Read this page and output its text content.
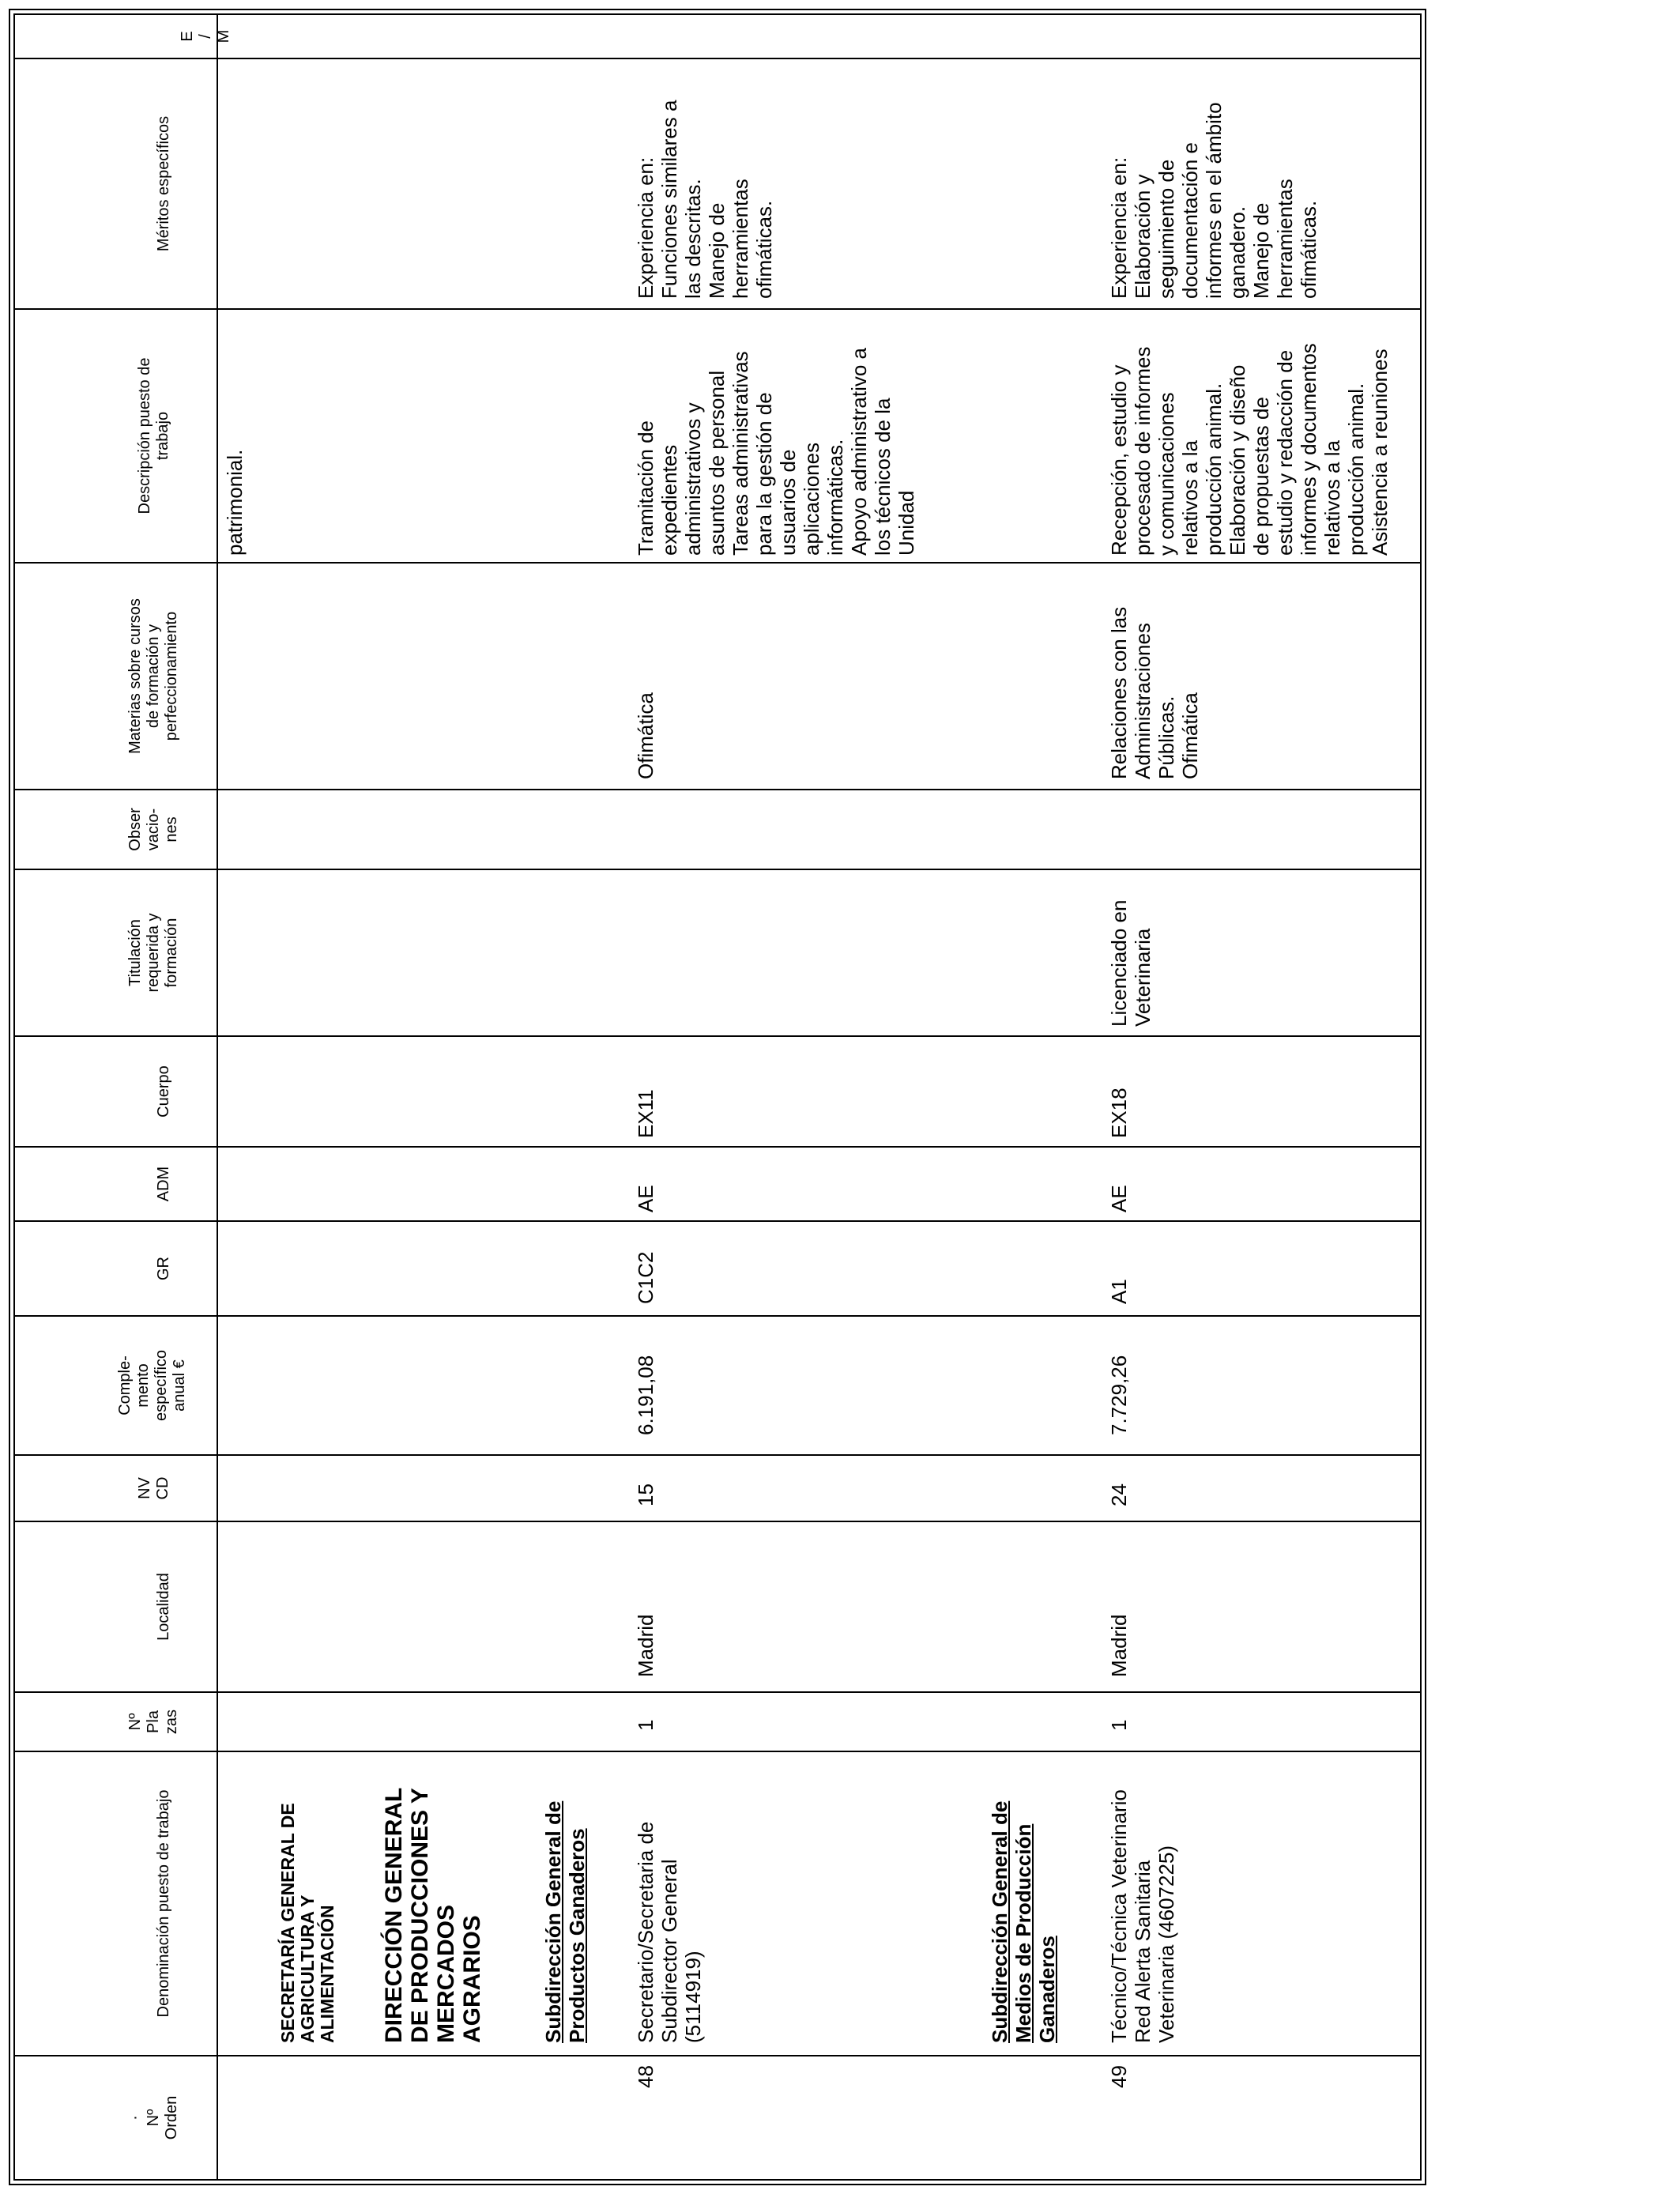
· Nº Orden
Denominación puesto de trabajo
Nº Pla zas
Localidad
NV CD
Comple- mento específico anual €
GR
ADM
Cuerpo
Titulación requerida y formación
Obser vacio- nes
Materias sobre cursos de formación y perfeccionamiento
Descripción puesto de trabajo
Méritos específicos
E / M
patrimonial.
SECRETARÍA GENERAL DE AGRICULTURA Y ALIMENTACIÓN DIRECCIÓN GENERAL DE PRODUCCIONES Y MERCADOS AGRARIOS	Subdirección General de Productos Ganaderos
48
Secretario/Secretaria de Subdirector General (5114919)
1
Madrid
15
6.191,08
C1C2
AE
EX11
Ofimática
Tramitación de expedientes administrativos y asuntos de personal Tareas administrativas para la gestión de usuarios de aplicaciones informáticas. Apoyo administrativo a los técnicos de la Unidad
Experiencia en: Funciones similares a las descritas. Manejo de herramientas ofimáticas.
Subdirección General de Medios de Producción Ganaderos
49
Técnico/Técnica Veterinario Red Alerta Sanitaria Veterinaria (4607225)
1
Madrid
24
7.729,26
A1
AE
EX18
Licenciado en Veterinaria
Relaciones con las Administraciones Públicas. Ofimática
Recepción, estudio y procesado de informes y comunicaciones relativos a la producción animal. Elaboración y diseño de propuestas de estudio y redacción de informes y documentos relativos a la producción animal. Asistencia a reuniones
Experiencia en: Elaboración y seguimiento de documentación e informes en el ámbito ganadero. Manejo de herramientas ofimáticas.
